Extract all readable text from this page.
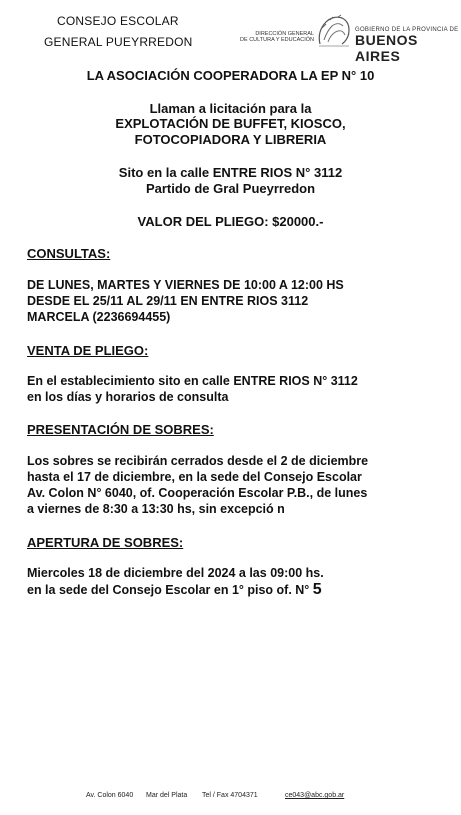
CONSEJO ESCOLAR
GENERAL PUEYRREDON
DIRECCIÓN GENERAL
DE CULTURA Y EDUCACIÓN
GOBIERNO DE LA PROVINCIA DE
BUENOS AIRES
LA ASOCIACIÓN COOPERADORA LA EP N° 10
Llaman a licitación para la
EXPLOTACIÓN DE BUFFET, KIOSCO,
FOTOCOPIADORA Y LIBRERIA
Sito en la calle ENTRE RIOS N° 3112
Partido de Gral Pueyrredon
VALOR DEL PLIEGO: $20000.-
CONSULTAS:
DE LUNES, MARTES Y VIERNES DE 10:00 A 12:00 HS
DESDE EL 25/11 AL 29/11 EN ENTRE RIOS 3112
MARCELA (2236694455)
VENTA DE PLIEGO:
En el establecimiento sito en calle ENTRE RIOS N° 3112
en los días y horarios de consulta
PRESENTACIÓN DE SOBRES:
Los sobres se recibirán cerrados desde el 2 de diciembre
hasta el 17 de diciembre, en la sede del Consejo Escolar
Av. Colon N° 6040, of. Cooperación Escolar P.B., de lunes
a viernes de 8:30 a 13:30 hs, sin excepció n
APERTURA DE SOBRES:
Miercoles 18 de diciembre del 2024 a las 09:00 hs.
en la sede del Consejo Escolar en 1° piso of. N° 5
Av. Colon 6040 Mar del Plata Tel / Fax 4704371	ce043@abc.gob.ar
